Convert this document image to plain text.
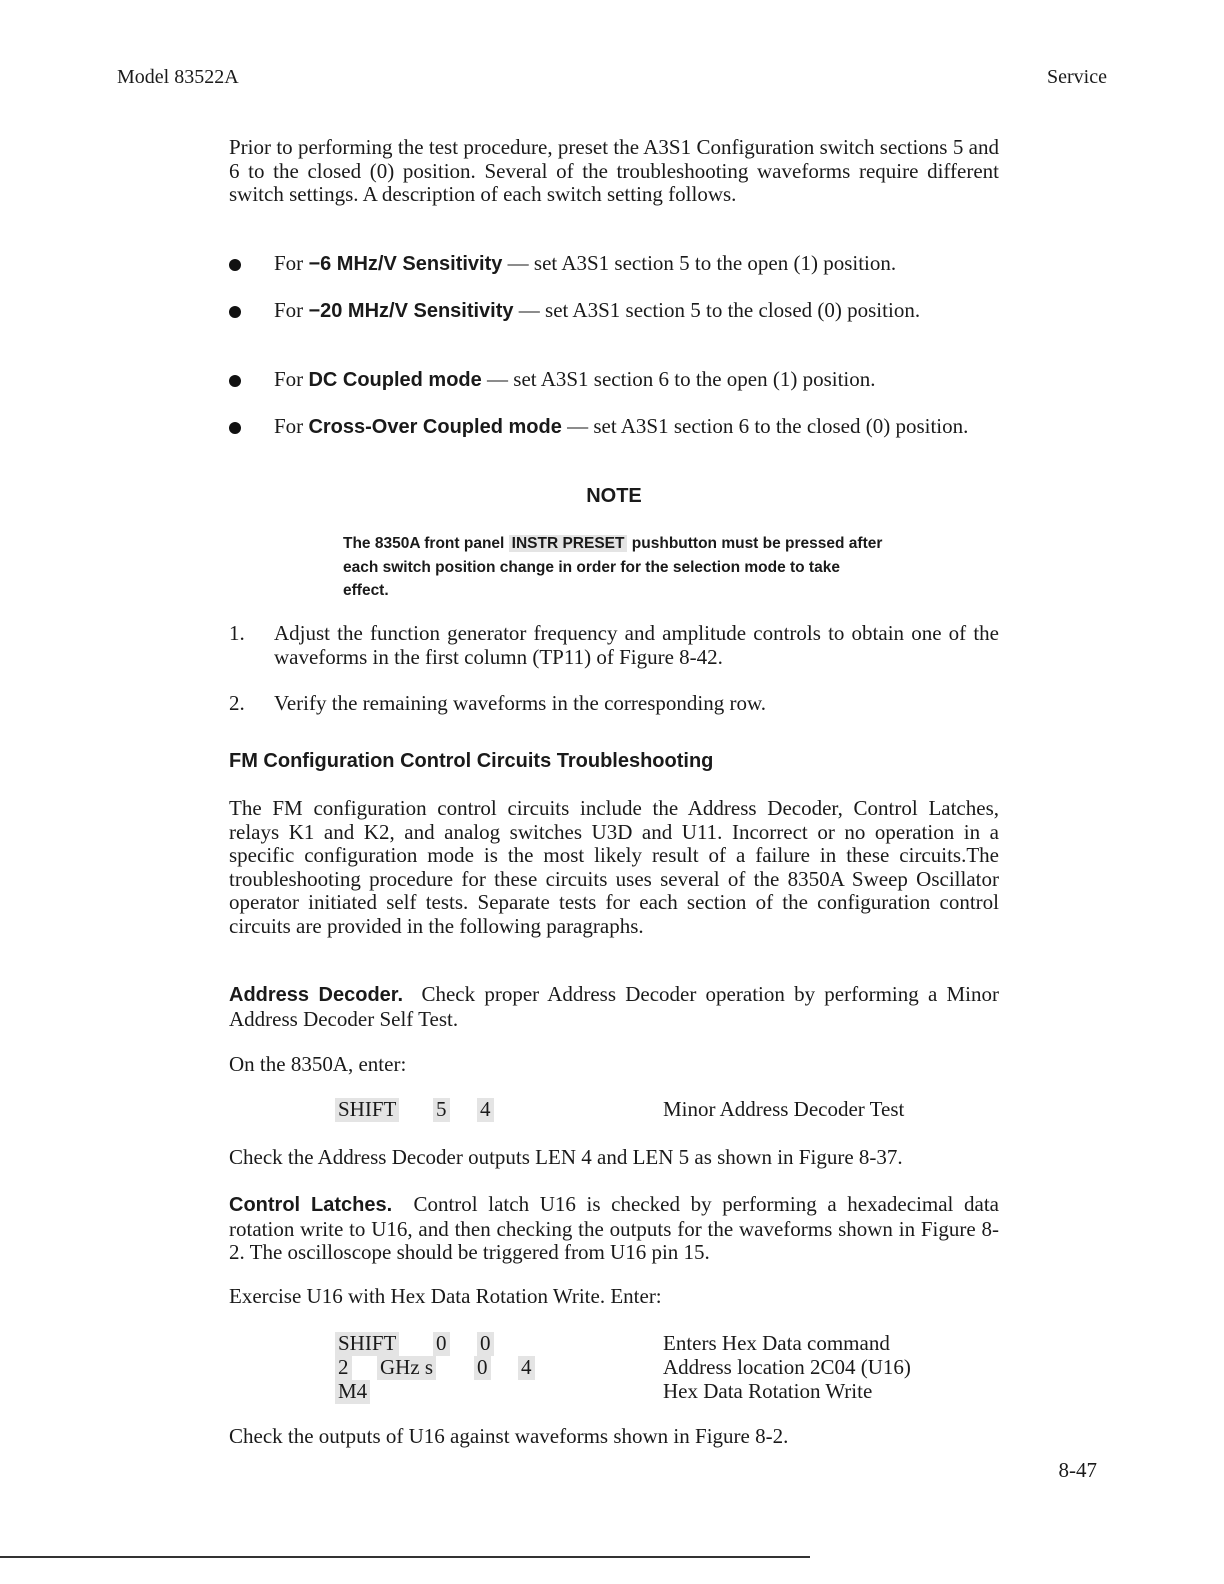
Model 83522A	Service
Prior to performing the test procedure, preset the A3S1 Configuration switch sections 5 and 6 to the closed (0) position. Several of the troubleshooting waveforms require different switch settings. A description of each switch setting follows.
For −6 MHz/V Sensitivity — set A3S1 section 5 to the open (1) position.
For −20 MHz/V Sensitivity — set A3S1 section 5 to the closed (0) position.
For DC Coupled mode — set A3S1 section 6 to the open (1) position.
For Cross-Over Coupled mode — set A3S1 section 6 to the closed (0) position.
NOTE
The 8350A front panel INSTR PRESET pushbutton must be pressed after each switch position change in order for the selection mode to take effect.
1. Adjust the function generator frequency and amplitude controls to obtain one of the waveforms in the first column (TP11) of Figure 8-42.
2. Verify the remaining waveforms in the corresponding row.
FM Configuration Control Circuits Troubleshooting
The FM configuration control circuits include the Address Decoder, Control Latches, relays K1 and K2, and analog switches U3D and U11. Incorrect or no operation in a specific configuration mode is the most likely result of a failure in these circuits.The troubleshooting procedure for these circuits uses several of the 8350A Sweep Oscillator operator initiated self tests. Separate tests for each section of the configuration control circuits are provided in the following paragraphs.
Address Decoder. Check proper Address Decoder operation by performing a Minor Address Decoder Self Test.
On the 8350A, enter:
SHIFT 5 4	Minor Address Decoder Test
Check the Address Decoder outputs LEN 4 and LEN 5 as shown in Figure 8-37.
Control Latches. Control latch U16 is checked by performing a hexadecimal data rotation write to U16, and then checking the outputs for the waveforms shown in Figure 8-2. The oscilloscope should be triggered from U16 pin 15.
Exercise U16 with Hex Data Rotation Write. Enter:
SHIFT 0 0	Enters Hex Data command
2 GHz s 0 4	Address location 2C04 (U16)
M4	Hex Data Rotation Write
Check the outputs of U16 against waveforms shown in Figure 8-2.
8-47
